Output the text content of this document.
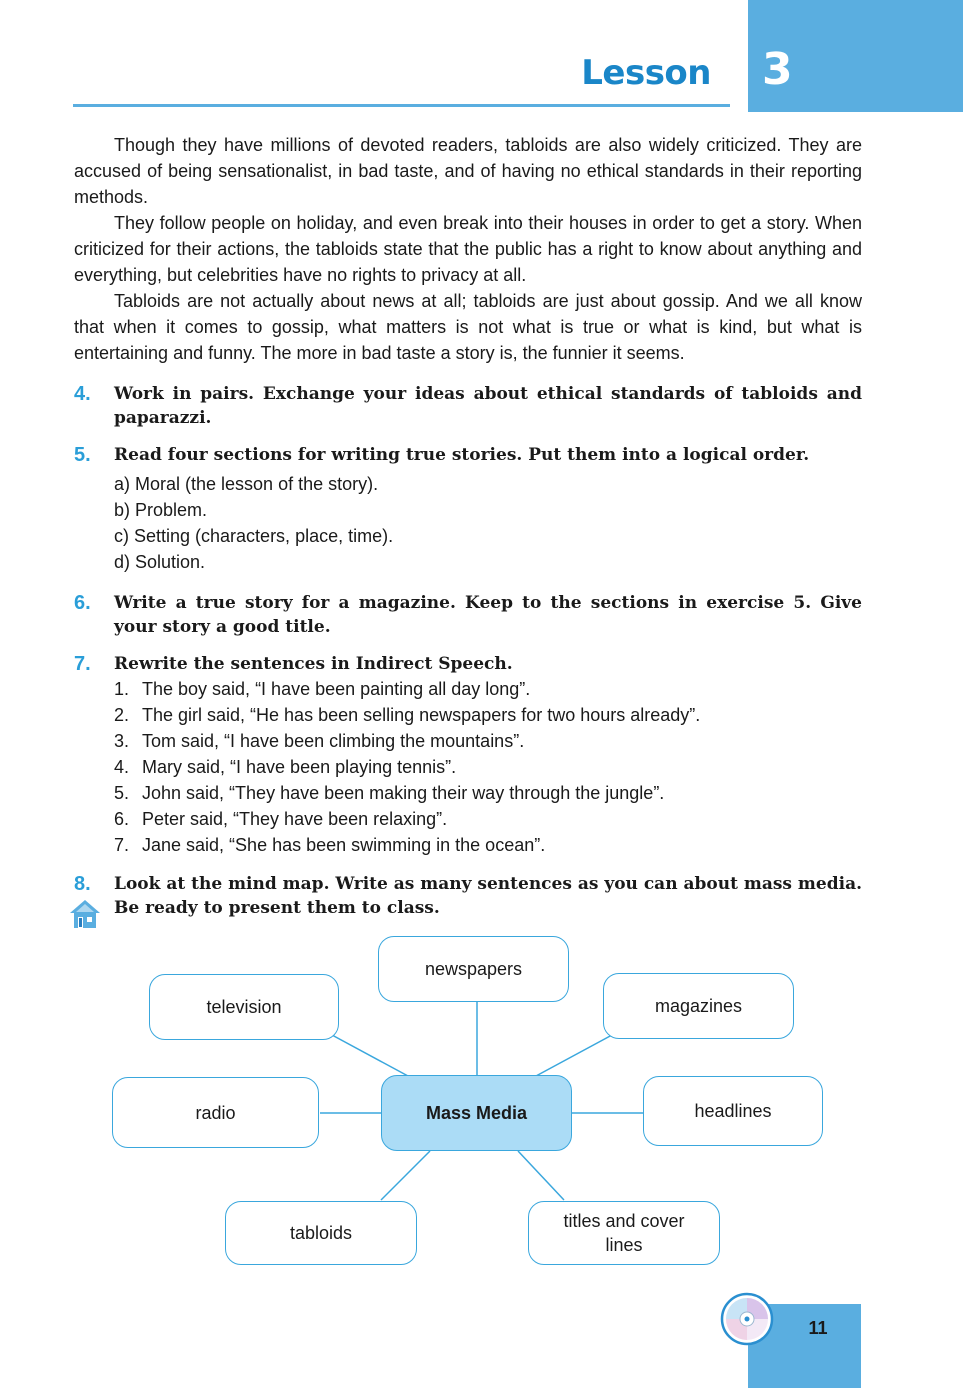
3
Lesson

Though they have millions of devoted readers, tabloids are also widely criticized. They are accused of being sensationalist, in bad taste, and of having no ethical standards in their reporting methods.

They follow people on holiday, and even break into their houses in order to get a story. When criticized for their actions, the tabloids state that the public has a right to know about anything and everything, but celebrities have no rights to privacy at all.

Tabloids are not actually about news at all; tabloids are just about gossip. And we all know that when it comes to gossip, what matters is not what is true or what is kind, but what is entertaining and funny. The more in bad taste a story is, the funnier it seems.

4. Work in pairs. Exchange your ideas about ethical standards of tabloids and paparazzi.
5. Read four sections for writing true stories. Put them into a logical order.
a) Moral (the lesson of the story).
b) Problem.
c) Setting (characters, place, time).
d) Solution.
6. Write a true story for a magazine. Keep to the sections in exercise 5. Give your story a good title.
7. Rewrite the sentences in Indirect Speech.
1. The boy said, “I have been painting all day long”.
2. The girl said, “He has been selling newspapers for two hours already”.
3. Tom said, “I have been climbing the mountains”.
4. Mary said, “I have been playing tennis”.
5. John said, “They have been making their way through the jungle”.
6. Peter said, “They have been relaxing”.
7. Jane said, “She has been swimming in the ocean”.
8. Look at the mind map. Write as many sentences as you can about mass media. Be ready to present them to class.
newspapers
television	magazines
radio	Mass Media	headlines
tabloids
titles and cover
lines
11
